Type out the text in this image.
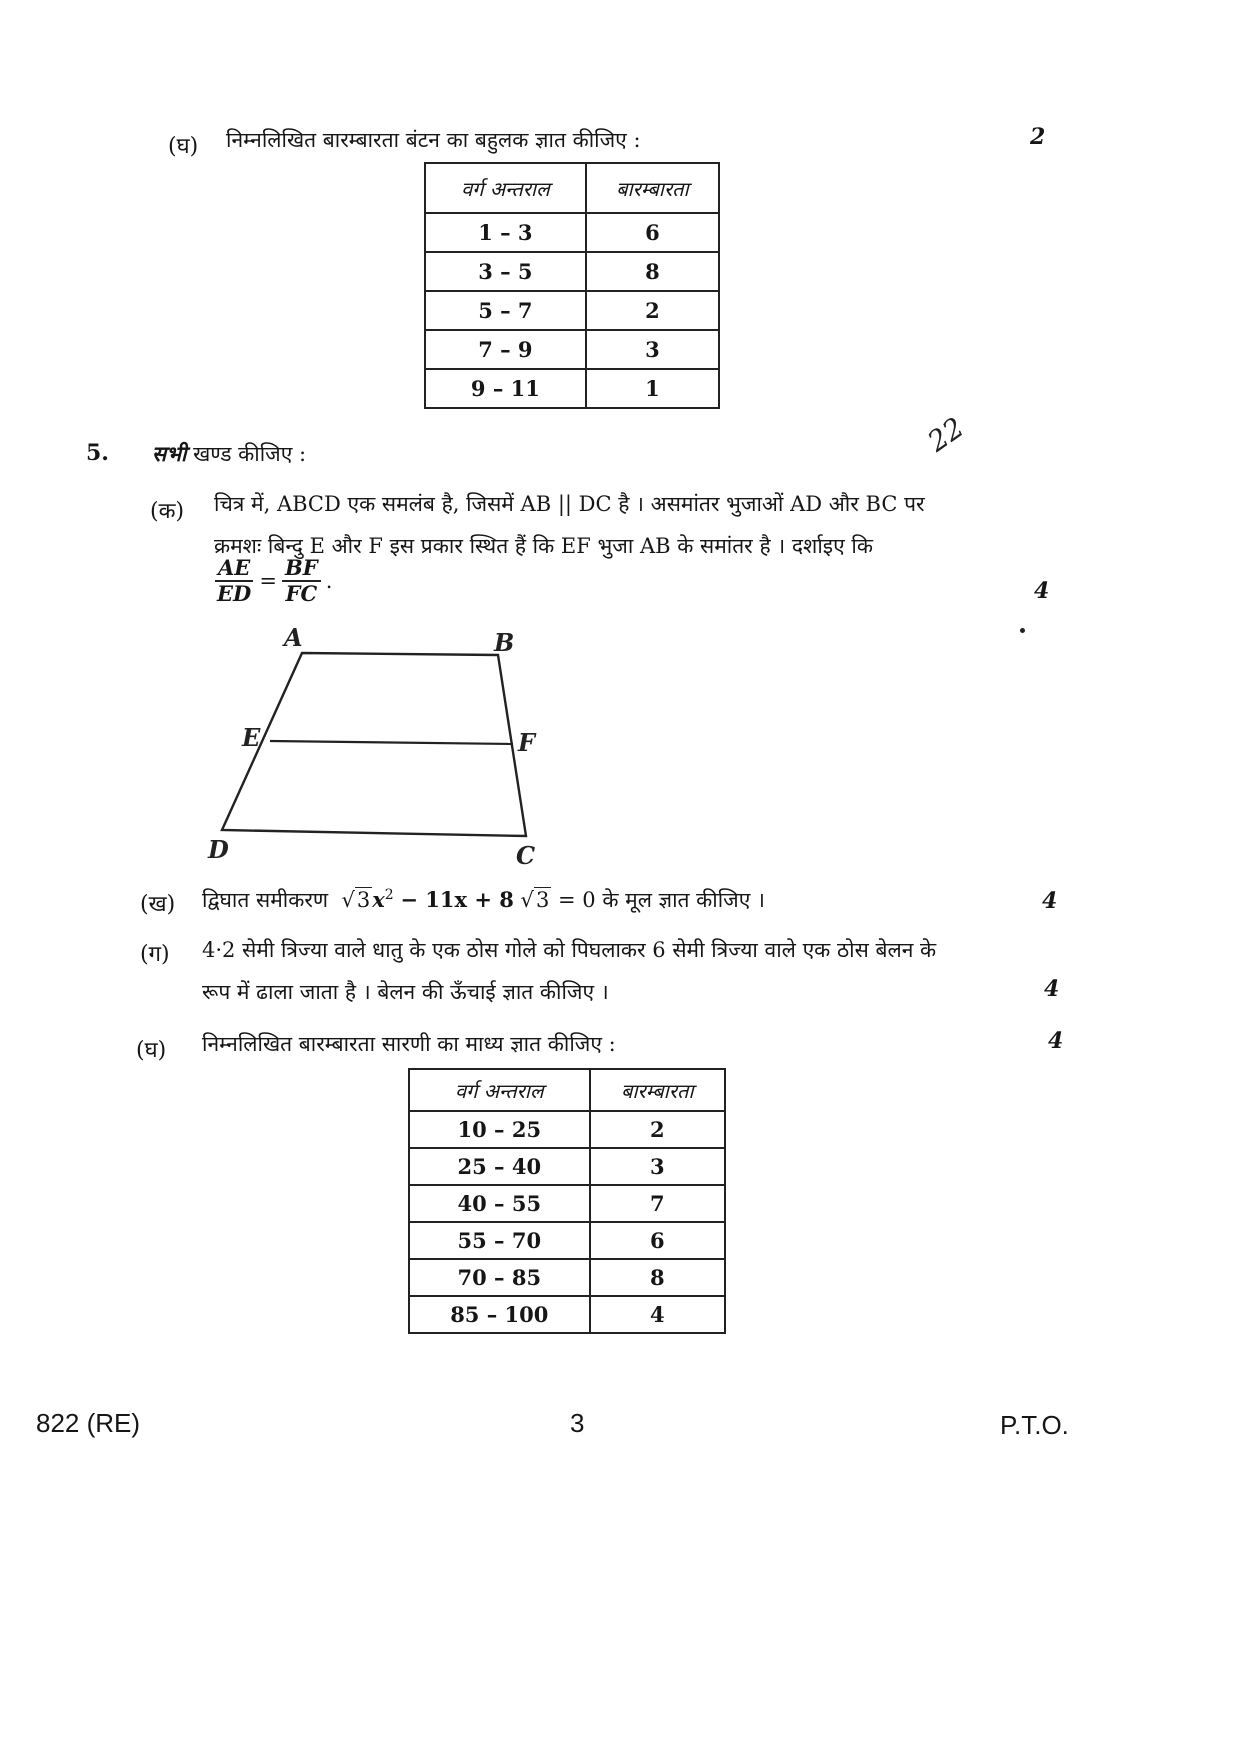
(घ) निम्नलिखित बारम्बारता बंटन का बहुलक ज्ञात कीजिए :	2
वर्ग अन्तराल	बारम्बारता
1 – 3	6
3 – 5	8
5 – 7	2
7 – 9	3
9 – 11	1
22
5. सभी खण्ड कीजिए :
(क) चित्र में, ABCD एक समलंब है, जिसमें AB || DC है । असमांतर भुजाओं AD और BC पर
क्रमशः बिन्दु E और F इस प्रकार स्थित हैं कि EF भुजा AB के समांतर है । दर्शाइए कि
$\frac{AE}{ED} = \frac{BF}{FC}$ .	4
A	B
C
D
E	F
(ख) द्विघात समीकरण $√3x^2 - 11x + 8$ √3 = 0 के मूल ज्ञात कीजिए ।	4
(ग) 4·2 सेमी त्रिज्या वाले धातु के एक ठोस गोले को पिघलाकर 6 सेमी त्रिज्या वाले एक ठोस बेलन के
रूप में ढाला जाता है । बेलन की ऊँचाई ज्ञात कीजिए ।	4
(घ) निम्नलिखित बारम्बारता सारणी का माध्य ज्ञात कीजिए :	4
वर्ग अन्तराल	बारम्बारता
10 – 25	2
25 – 40	3
40 – 55	7
55 – 70	6
70 – 85	8
85 – 100	4
822 (RE)	3	P.T.O.
